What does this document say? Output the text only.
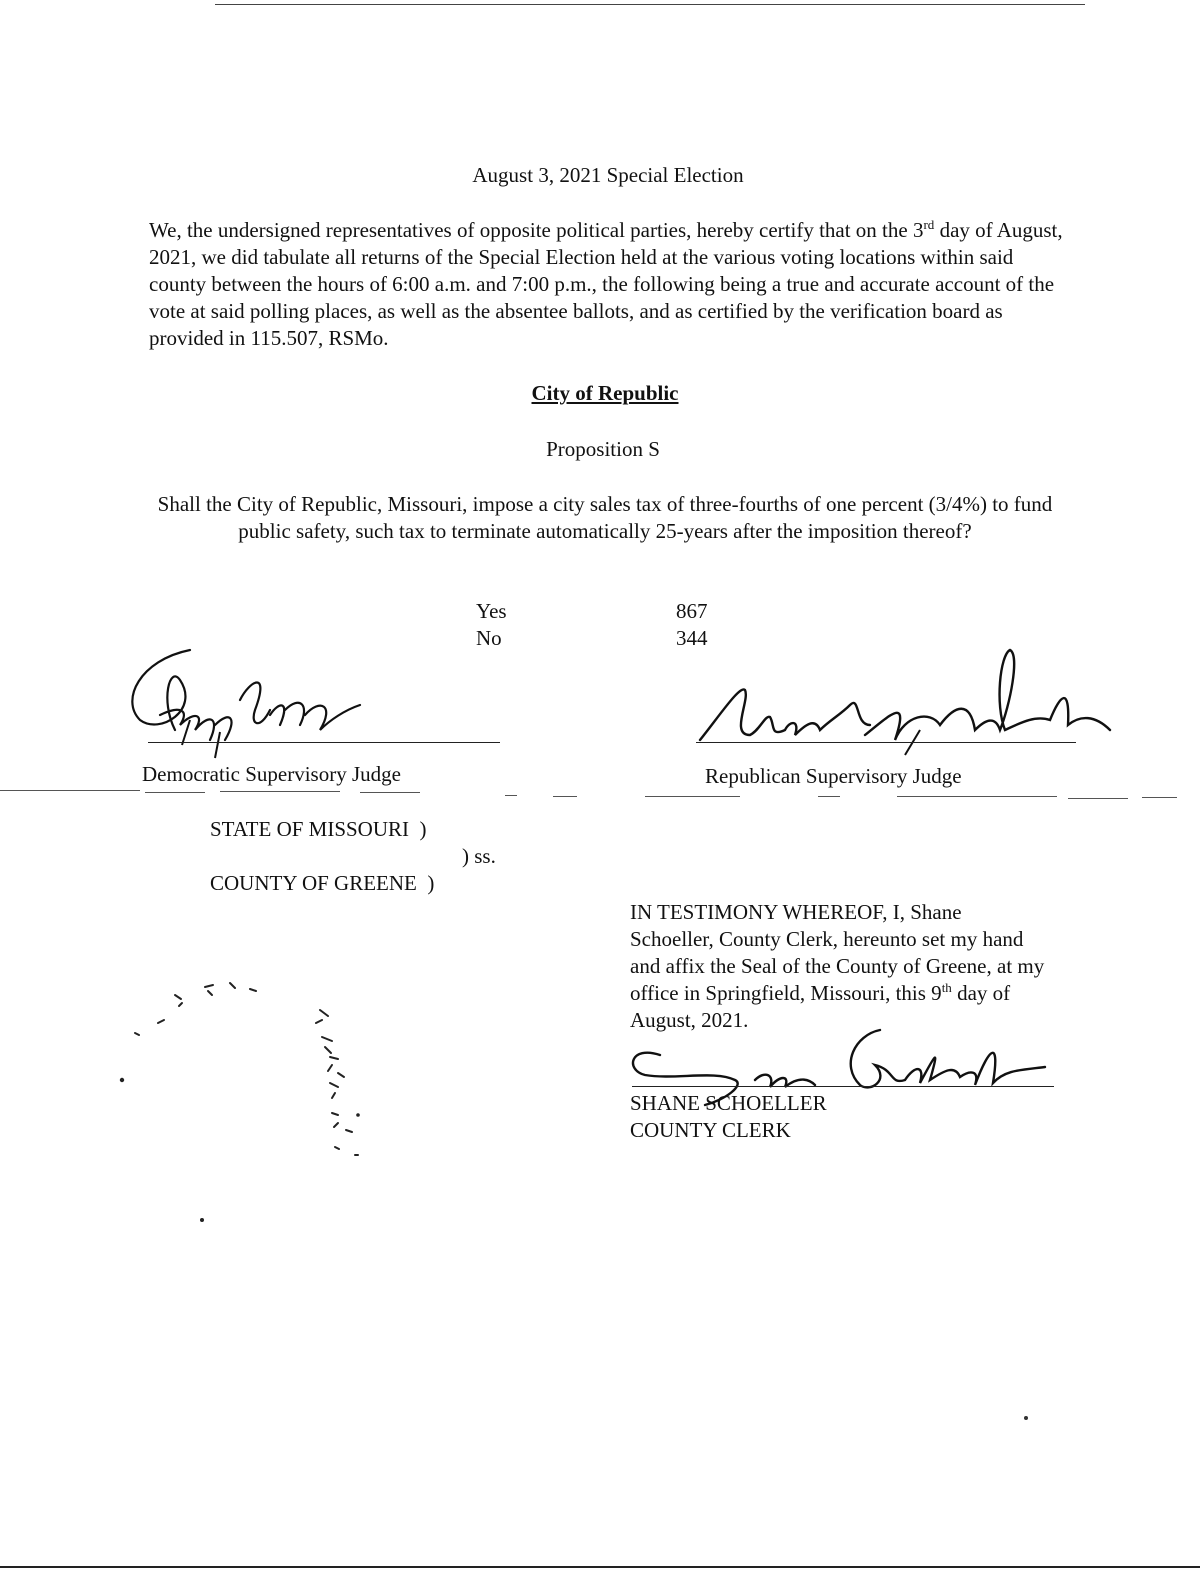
August 3, 2021 Special Election
We, the undersigned representatives of opposite political parties, hereby certify that on the 3rd day of August, 2021, we did tabulate all returns of the Special Election held at the various voting locations within said county between the hours of 6:00 a.m. and 7:00 p.m., the following being a true and accurate account of the vote at said polling places, as well as the absentee ballots, and as certified by the verification board as provided in 115.507, RSMo.
City of Republic
Proposition S
Shall the City of Republic, Missouri, impose a city sales tax of three-fourths of one percent (3/4%) to fund public safety, such tax to terminate automatically 25-years after the imposition thereof?
Yes	867
No	344
Democratic Supervisory Judge	Republican Supervisory Judge
STATE OF MISSOURI )
) ss.
COUNTY OF GREENE )
IN TESTIMONY WHEREOF, I, Shane Schoeller, County Clerk, hereunto set my hand and affix the Seal of the County of Greene, at my office in Springfield, Missouri, this 9th day of August, 2021.
SHANE SCHOELLER
COUNTY CLERK
